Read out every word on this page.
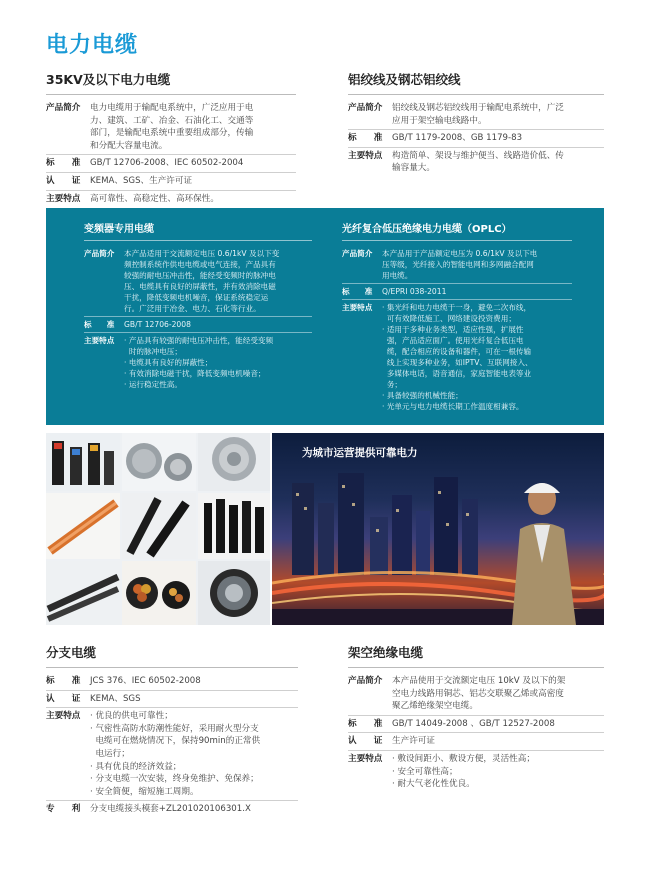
电力电缆
35KV及以下电力电缆
产品简介	电力电缆用于输配电系统中，广泛应用于电
力、建筑、工矿、冶金、石油化工、交通等
部门，是输配电系统中重要组成部分，传输
和分配大容量电流。
标　　准	GB/T 12706-2008、IEC 60502-2004
认　　证	KEMA、SGS、生产许可证
主要特点	高可靠性、高稳定性、高环保性。
铝绞线及钢芯铝绞线
产品简介	铝绞线及钢芯铝绞线用于输配电系统中，广泛
应用于架空输电线路中。
标　　准	GB/T 1179-2008、GB 1179-83
主要特点	构造简单、架设与维护便当、线路造价低、传
输容量大。
变频器专用电缆
产品简介	本产品适用于交流额定电压 0.6/1kV 及以下变
频控制系统作供电电缆或电气连接，产品具有
较强的耐电压冲击性，能经受变频时的脉冲电
压、电缆具有良好的屏蔽性，并有效消除电磁
干扰，降低变频电机噪音，保证系统稳定运
行。广泛用于冶金、电力、石化等行业。
标　　准	GB/T 12706-2008
主要特点	· 产品具有较强的耐电压冲击性，能经受变频
时的脉冲电压；
· 电缆具有良好的屏蔽性；
· 有效消除电磁干扰，降低变频电机噪音；
· 运行稳定性高。
光纤复合低压绝缘电力电缆（OPLC）
产品简介	本产品用于产品额定电压为 0.6/1kV 及以下电
压等级，光纤接入的智能电网和多网融合配网
用电缆。
标　　准	Q/EPRI 038-2011
主要特点	· 集光纤和电力电缆于一身，避免二次布线，
可有效降低施工、网络建设投资费用；
· 适用于多种业务类型，适应性强，扩展性
强，产品适应面广。使用光纤复合低压电
缆，配合相应的设备和器件，可在一根传输
线上实现多种业务，如IPTV、互联网接入、
多媒体电话，语音通信，家庭智能电表等业
务；
· 具备较强的机械性能；
· 光单元与电力电缆长期工作温度相兼容。
为城市运营提供可靠电力
分支电缆
标　　准	JCS 376、IEC 60502-2008
认　　证	KEMA、SGS
主要特点	· 优良的供电可靠性；
· 气密性高防水防潮性能好，采用耐火型分支
电缆可在燃烧情况下，保持90min的正常供
电运行；
· 具有优良的经济效益；
· 分支电缆一次安装，终身免维护、免保养；
· 安全简便，缩短施工周期。
专　　利	分支电缆接头模套+ZL201020106301.X
架空绝缘电缆
产品简介	本产品使用于交流额定电压 10kV 及以下的架
空电力线路用铜芯、铝芯交联聚乙烯或高密度
聚乙烯绝缘架空电缆。
标　　准	GB/T 14049-2008 、GB/T 12527-2008
认　　证	生产许可证
主要特点	· 敷设间距小、敷设方便，灵活性高；
· 安全可靠性高；
· 耐大气老化性优良。
